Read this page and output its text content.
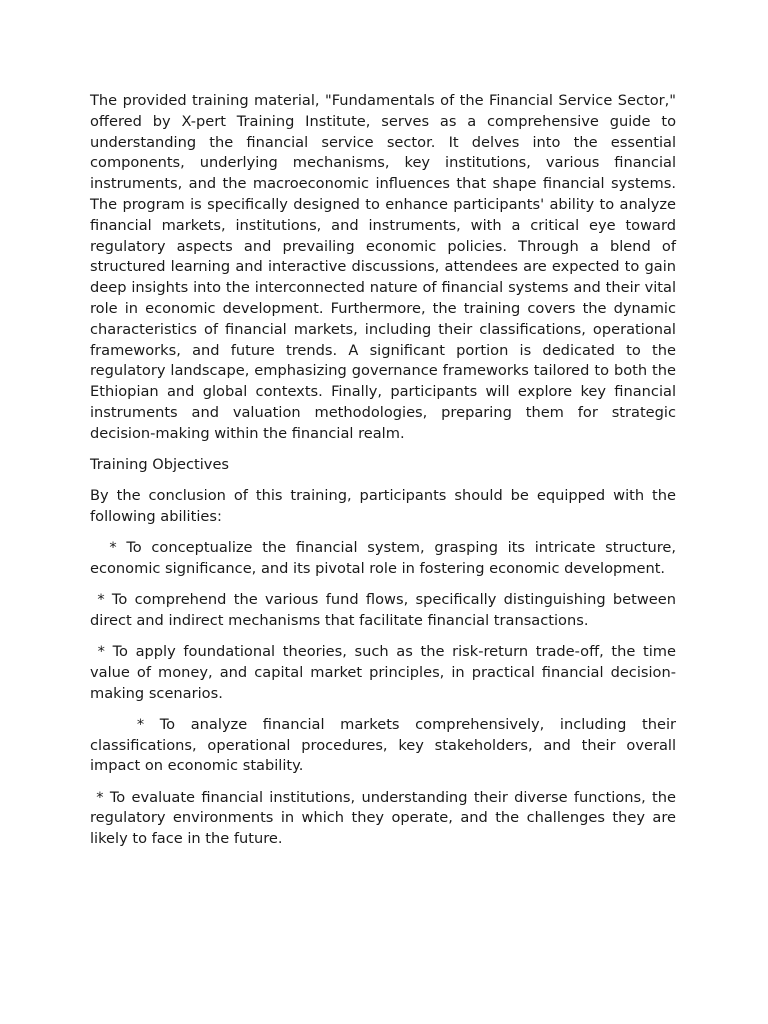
The provided training material, "Fundamentals of the Financial Service Sector," offered by X-pert Training Institute, serves as a comprehensive guide to understanding the financial service sector. It delves into the essential components, underlying mechanisms, key institutions, various financial instruments, and the macroeconomic influences that shape financial systems. The program is specifically designed to enhance participants' ability to analyze financial markets, institutions, and instruments, with a critical eye toward regulatory aspects and prevailing economic policies. Through a blend of structured learning and interactive discussions, attendees are expected to gain deep insights into the interconnected nature of financial systems and their vital role in economic development. Furthermore, the training covers the dynamic characteristics of financial markets, including their classifications, operational frameworks, and future trends. A significant portion is dedicated to the regulatory landscape, emphasizing governance frameworks tailored to both the Ethiopian and global contexts. Finally, participants will explore key financial instruments and valuation methodologies, preparing them for strategic decision-making within the financial realm.

Training Objectives

By the conclusion of this training, participants should be equipped with the following abilities:

* To conceptualize the financial system, grasping its intricate structure, economic significance, and its pivotal role in fostering economic development.

* To comprehend the various fund flows, specifically distinguishing between direct and indirect mechanisms that facilitate financial transactions.

* To apply foundational theories, such as the risk-return trade-off, the time value of money, and capital market principles, in practical financial decision-making scenarios.

* To analyze financial markets comprehensively, including their classifications, operational procedures, key stakeholders, and their overall impact on economic stability.

* To evaluate financial institutions, understanding their diverse functions, the regulatory environments in which they operate, and the challenges they are likely to face in the future.
